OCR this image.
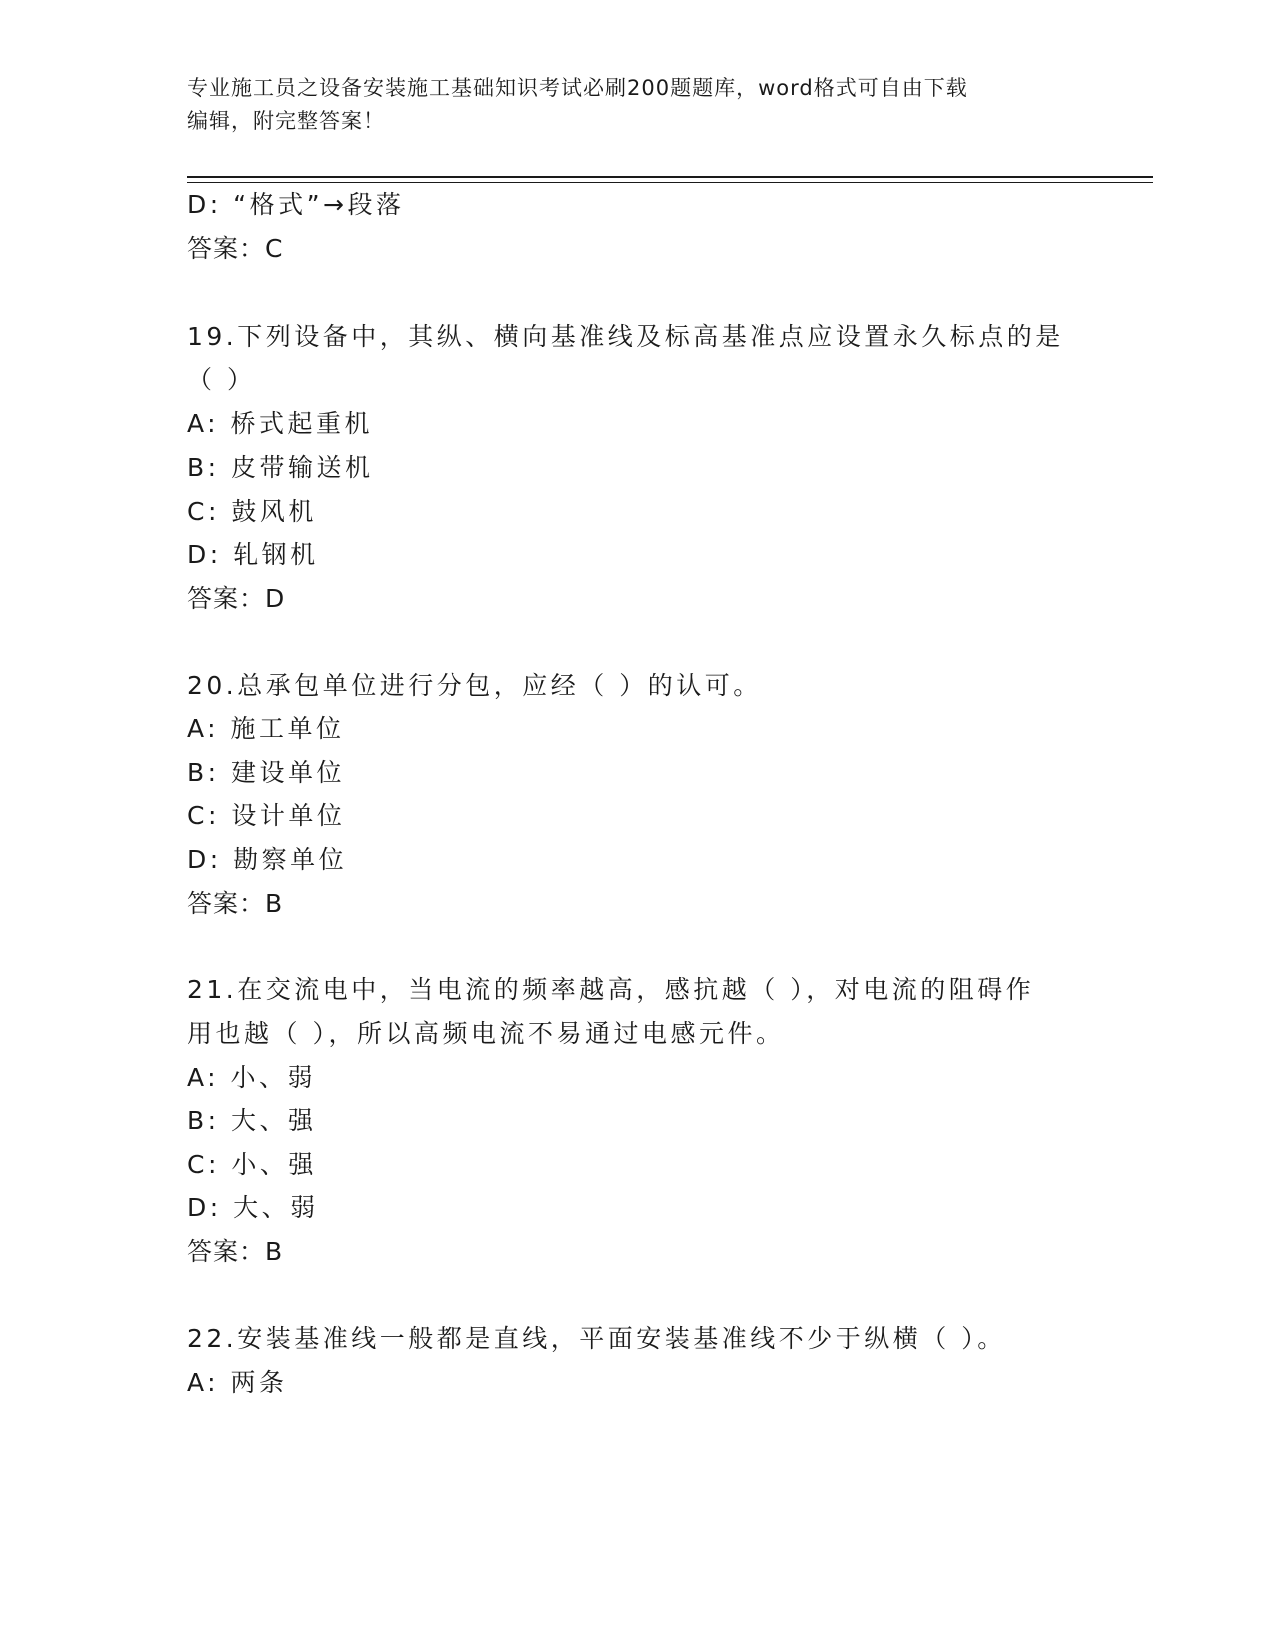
专业施工员之设备安装施工基础知识考试必刷200题题库，word格式可自由下载
编辑，附完整答案！
D: “格式”→段落
答案：C
19.下列设备中，其纵、横向基准线及标高基准点应设置永久标点的是
（ ）
A: 桥式起重机
B: 皮带输送机
C: 鼓风机
D: 轧钢机
答案：D
20.总承包单位进行分包，应经（ ）的认可。
A: 施工单位
B: 建设单位
C: 设计单位
D: 勘察单位
答案：B
21.在交流电中，当电流的频率越高，感抗越（ ），对电流的阻碍作
用也越（ ），所以高频电流不易通过电感元件。
A: 小、弱
B: 大、强
C: 小、强
D: 大、弱
答案：B
22.安装基准线一般都是直线，平面安装基准线不少于纵横（ ）。
A: 两条
